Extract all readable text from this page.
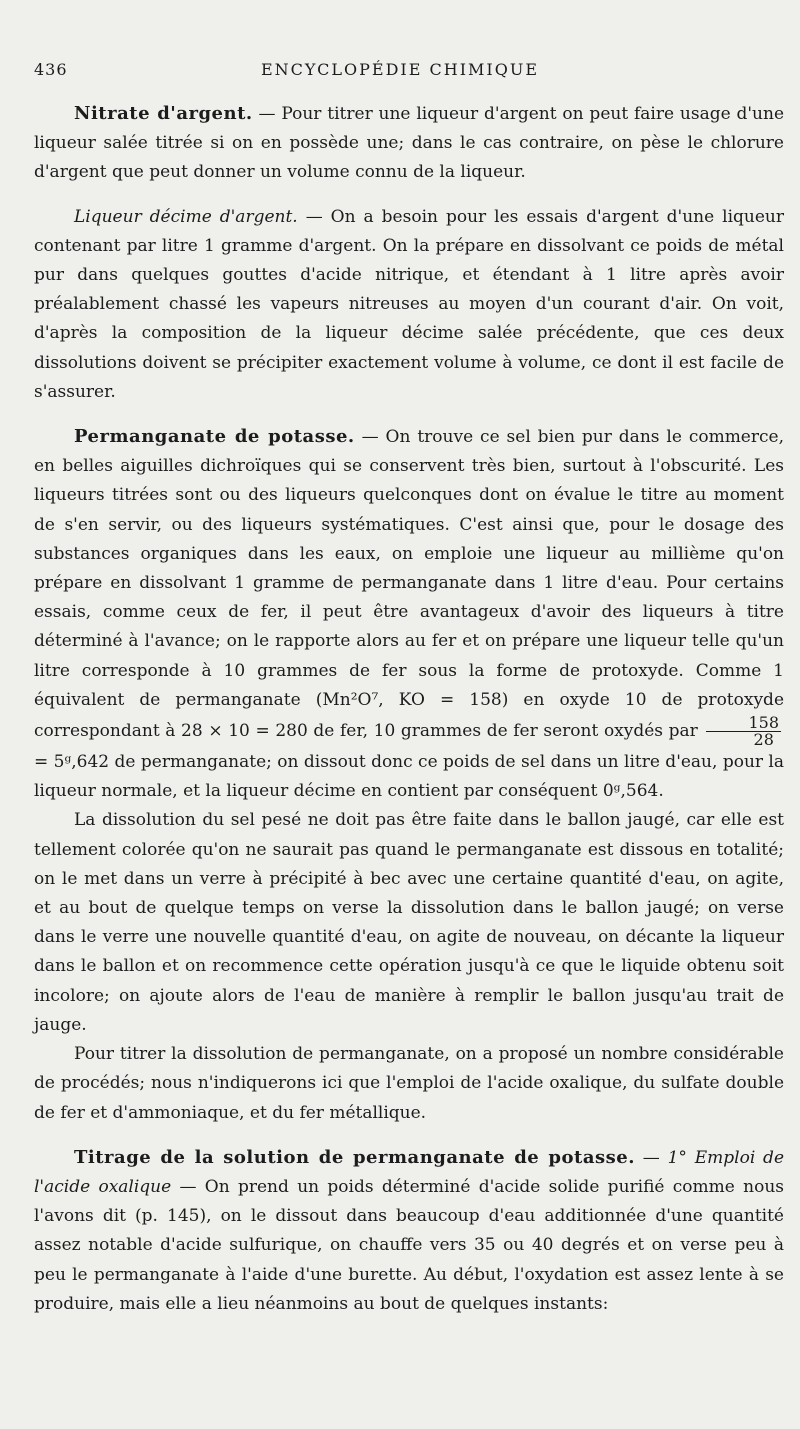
436	ENCYCLOPÉDIE CHIMIQUE

Nitrate d'argent. — Pour titrer une liqueur d'argent on peut faire usage d'une liqueur salée titrée si on en possède une; dans le cas contraire, on pèse le chlorure d'argent que peut donner un volume connu de la liqueur.

Liqueur décime d'argent. — On a besoin pour les essais d'argent d'une liqueur contenant par litre 1 gramme d'argent. On la prépare en dissolvant ce poids de métal pur dans quelques gouttes d'acide nitrique, et étendant à 1 litre après avoir préalablement chassé les vapeurs nitreuses au moyen d'un courant d'air. On voit, d'après la composition de la liqueur décime salée précédente, que ces deux dissolutions doivent se précipiter exactement volume à volume, ce dont il est facile de s'assurer.

Permanganate de potasse. — On trouve ce sel bien pur dans le commerce, en belles aiguilles dichroïques qui se conservent très bien, surtout à l'obscurité. Les liqueurs titrées sont ou des liqueurs quelconques dont on évalue le titre au moment de s'en servir, ou des liqueurs systématiques. C'est ainsi que, pour le dosage des substances organiques dans les eaux, on emploie une liqueur au millième qu'on prépare en dissolvant 1 gramme de permanganate dans 1 litre d'eau. Pour certains essais, comme ceux de fer, il peut être avantageux d'avoir des liqueurs à titre déterminé à l'avance; on le rapporte alors au fer et on prépare une liqueur telle qu'un litre corresponde à 10 grammes de fer sous la forme de protoxyde. Comme 1 équivalent de permanganate (Mn²O⁷, KO = 158) en oxyde 10 de protoxyde correspondant à 28 × 10 = 280 de fer, 10 grammes de fer seront oxydés par $\frac{158}{28}$
= 5ᵍ,642 de permanganate; on dissout donc ce poids de sel dans un litre d'eau, pour la liqueur normale, et la liqueur décime en contient par conséquent 0ᵍ,564.

La dissolution du sel pesé ne doit pas être faite dans le ballon jaugé, car elle est tellement colorée qu'on ne saurait pas quand le permanganate est dissous en totalité; on le met dans un verre à précipité à bec avec une certaine quantité d'eau, on agite, et au bout de quelque temps on verse la dissolution dans le ballon jaugé; on verse dans le verre une nouvelle quantité d'eau, on agite de nouveau, on décante la liqueur dans le ballon et on recommence cette opération jusqu'à ce que le liquide obtenu soit incolore; on ajoute alors de l'eau de manière à remplir le ballon jusqu'au trait de jauge.

Pour titrer la dissolution de permanganate, on a proposé un nombre considérable de procédés; nous n'indiquerons ici que l'emploi de l'acide oxalique, du sulfate double de fer et d'ammoniaque, et du fer métallique.

Titrage de la solution de permanganate de potasse. — 1° Emploi de l'acide oxalique — On prend un poids déterminé d'acide solide purifié comme nous l'avons dit (p. 145), on le dissout dans beaucoup d'eau additionnée d'une quantité assez notable d'acide sulfurique, on chauffe vers 35 ou 40 degrés et on verse peu à peu le permanganate à l'aide d'une burette. Au début, l'oxydation est assez lente à se produire, mais elle a lieu néanmoins au bout de quelques instants:
